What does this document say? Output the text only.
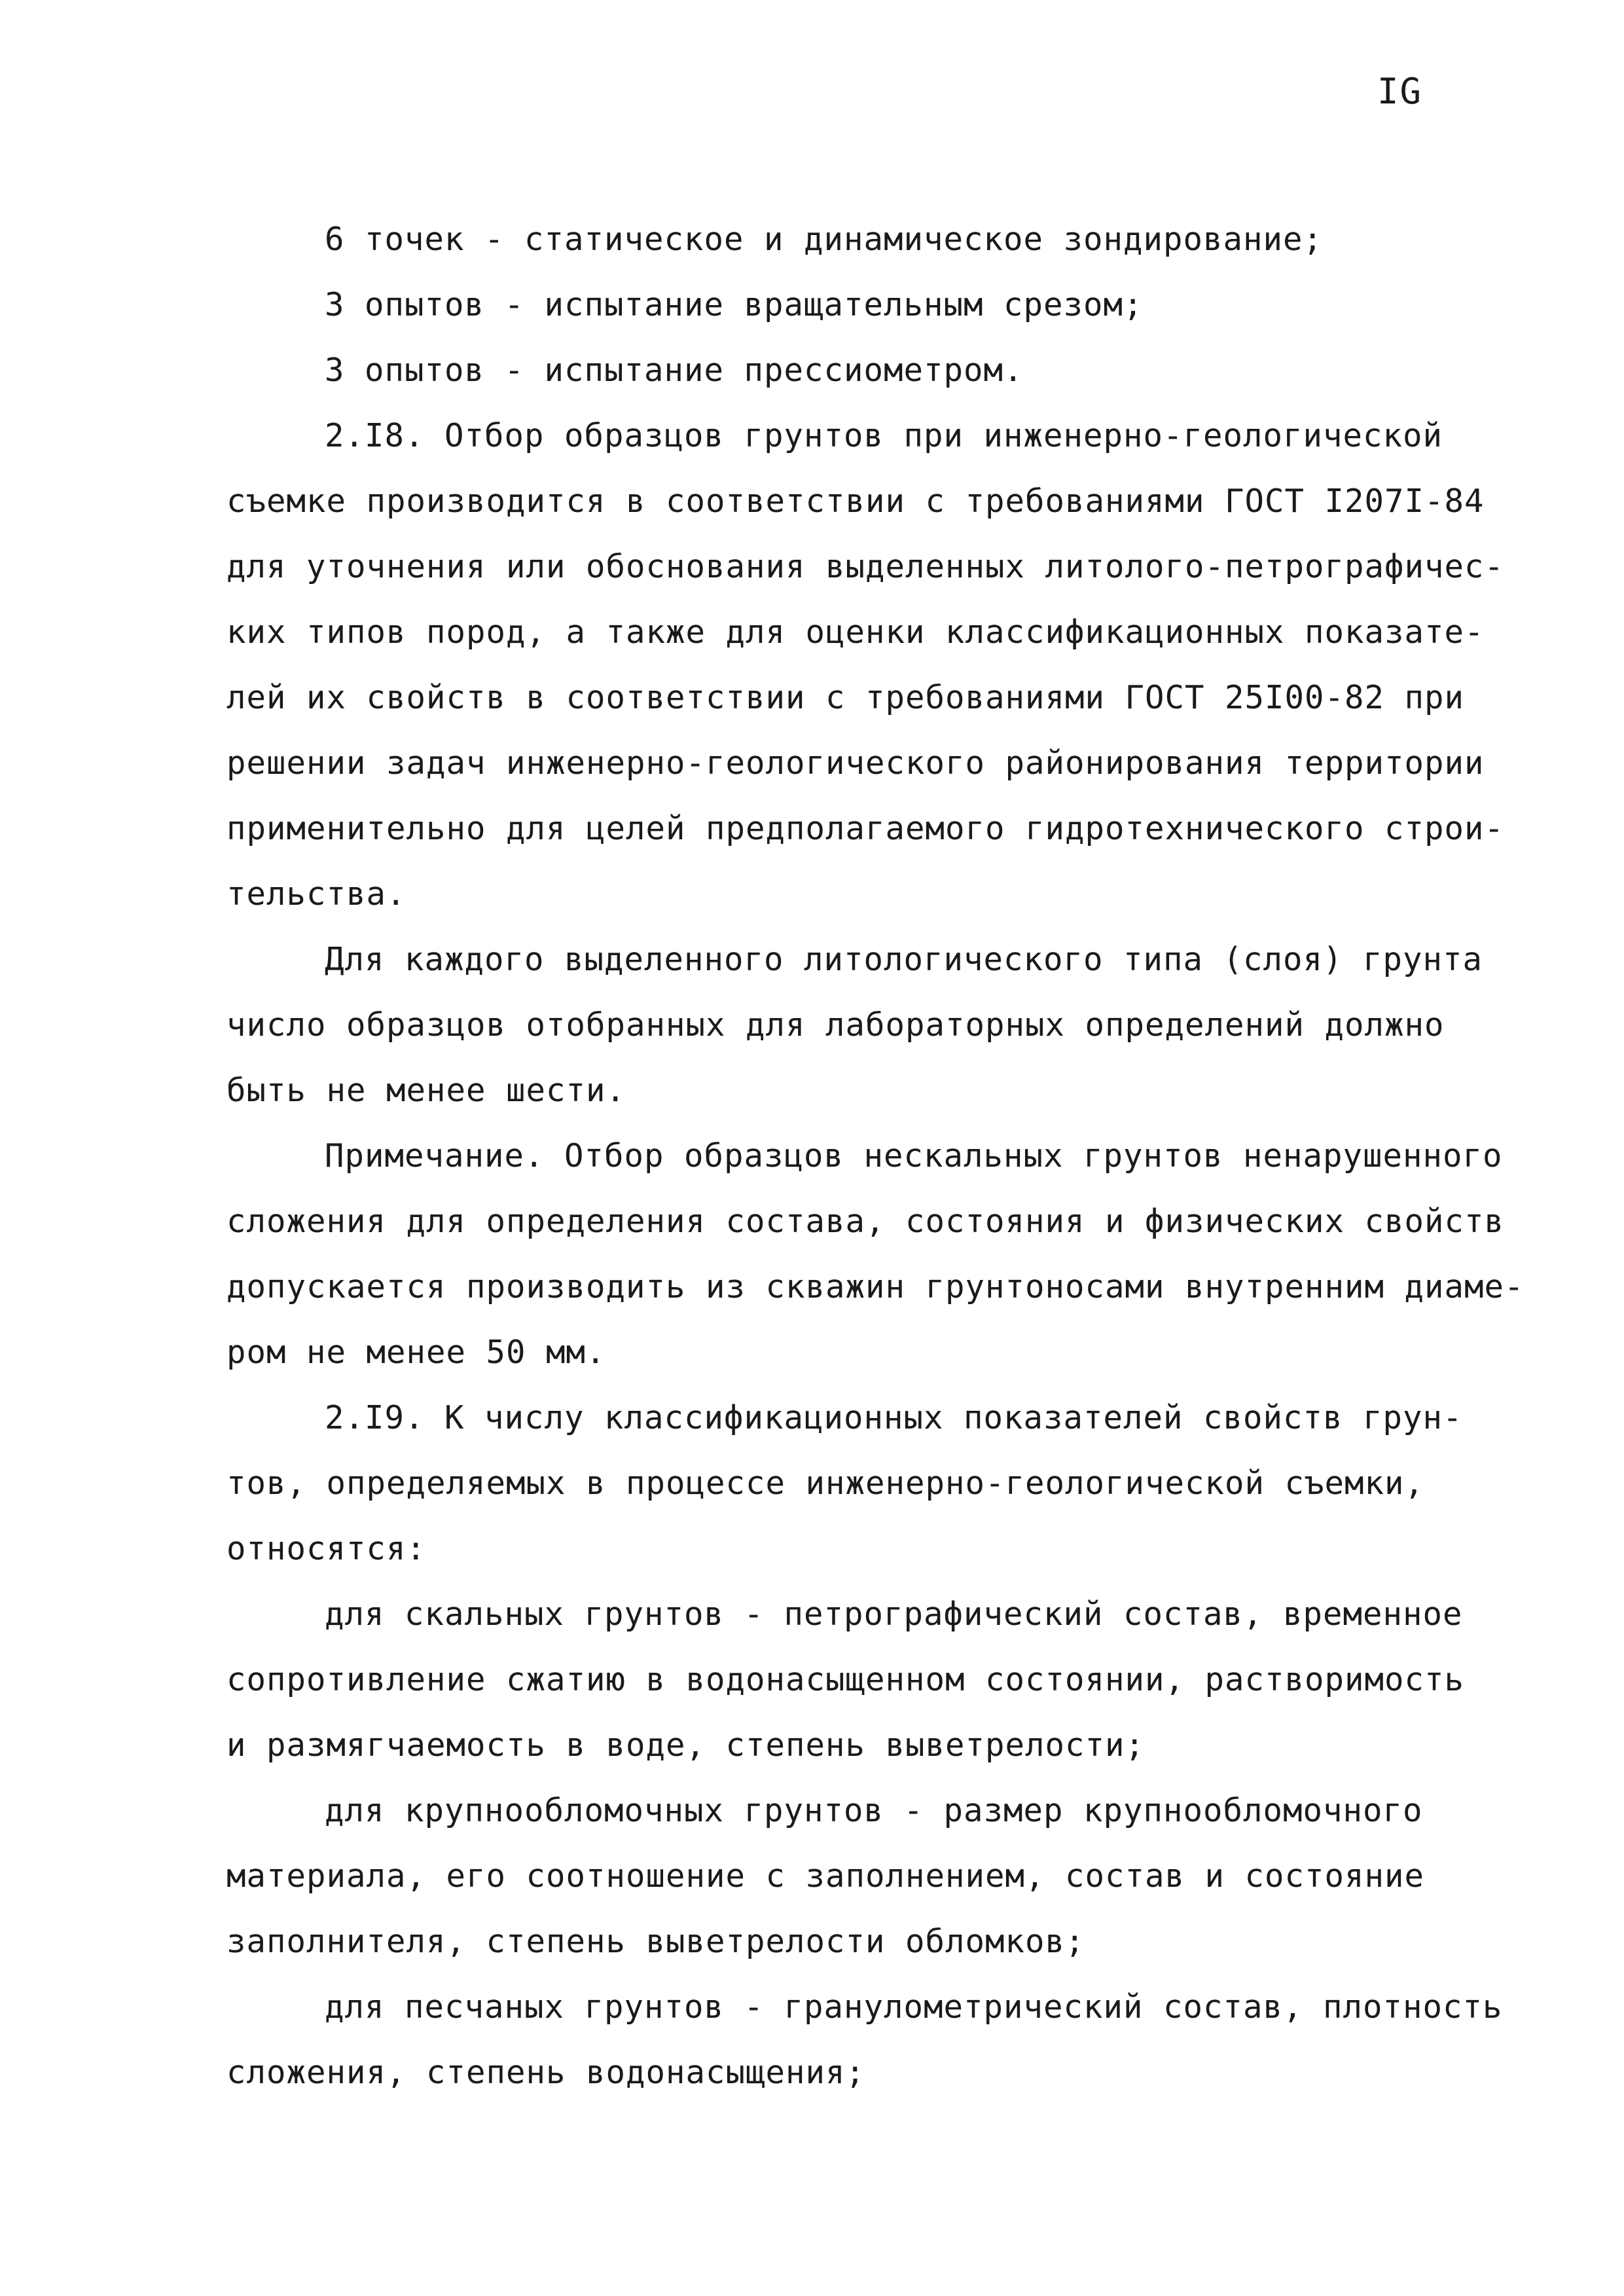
IG
6 точек - статическое и динамическое зондирование;
3 опытов - испытание вращательным срезом;
3 опытов - испытание прессиометром.
2.I8. Отбор образцов грунтов при инженерно-геологической
съемке производится в соответствии с требованиями ГОСТ I207I-84
для уточнения или обоснования выделенных литолого-петрографичес-
ких типов пород, а также для оценки классификационных показате-
лей их свойств в соответствии с требованиями ГОСТ 25I00-82 при
решении задач инженерно-геологического районирования территории
применительно для целей предполагаемого гидротехнического строи-
тельства.
Для каждого выделенного литологического типа (слоя) грунта
число образцов отобранных для лабораторных определений должно
быть не менее шести.
Примечание. Отбор образцов нескальных грунтов ненарушенного
сложения для определения состава, состояния и физических свойств
допускается производить из скважин грунтоносами внутренним диаме-
ром не менее 50 мм.
2.I9. К числу классификационных показателей свойств грун-
тов, определяемых в процессе инженерно-геологической съемки,
относятся:
для скальных грунтов - петрографический состав, временное
сопротивление сжатию в водонасыщенном состоянии, растворимость
и размягчаемость в воде, степень выветрелости;
для крупнообломочных грунтов - размер крупнообломочного
материала, его соотношение с заполнением, состав и состояние
заполнителя, степень выветрелости обломков;
для песчаных грунтов - гранулометрический состав, плотность
сложения, степень водонасыщения;
